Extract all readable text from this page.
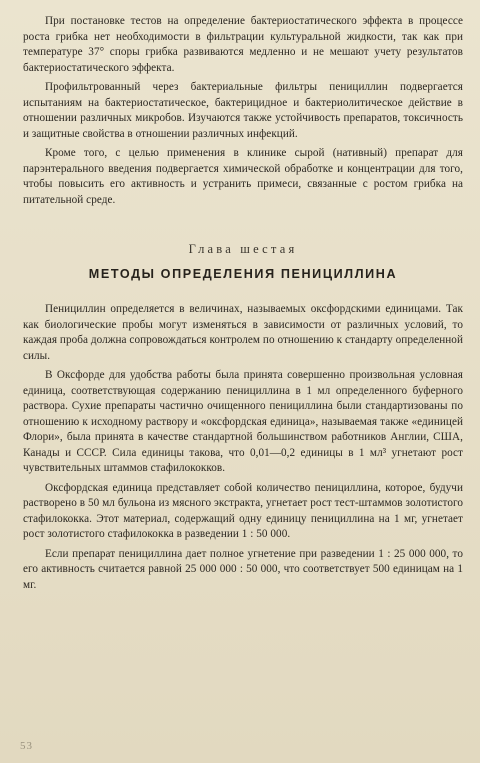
При постановке тестов на определение бактериостатического эффекта в процессе роста грибка нет необходимости в фильтрации культуральной жидкости, так как при температуре 37° споры грибка развиваются медленно и не мешают учету результатов бактериостатического эффекта.

Профильтрованный через бактериальные фильтры пенициллин подвергается испытаниям на бактериостатическое, бактерицидное и бактериолитическое действие в отношении различных микробов. Изучаются также устойчивость препаратов, токсичность и защитные свойства в отношении различных инфекций.

Кроме того, с целью применения в клинике сырой (нативный) препарат для парэнтерального введения подвергается химической обработке и концентрации для того, чтобы повысить его активность и устранить примеси, связанные с ростом грибка на питательной среде.

Глава шестая
МЕТОДЫ ОПРЕДЕЛЕНИЯ ПЕНИЦИЛЛИНА

Пенициллин определяется в величинах, называемых оксфордскими единицами. Так как биологические пробы могут изменяться в зависимости от различных условий, то каждая проба должна сопровождаться контролем по отношению к стандарту определенной силы.

В Оксфорде для удобства работы была принята совершенно произвольная условная единица, соответствующая содержанию пенициллина в 1 мл определенного буферного раствора. Сухие препараты частично очищенного пенициллина были стандартизованы по отношению к исходному раствору и «оксфордская единица», называемая также «единицей Флори», была принята в качестве стандартной большинством работников Англии, США, Канады и СССР. Сила единицы такова, что 0,01—0,2 единицы в 1 мл³ угнетают рост чувствительных штаммов стафилококков.

Оксфордская единица представляет собой количество пенициллина, которое, будучи растворено в 50 мл бульона из мясного экстракта, угнетает рост тест-штаммов золотистого стафилококка. Этот материал, содержащий одну единицу пенициллина на 1 мг, угнетает рост золотистого стафилококка в разведении 1 : 50 000.

Если препарат пенициллина дает полное угнетение при разведении 1 : 25 000 000, то его активность считается равной 25 000 000 : 50 000, что соответствует 500 единицам на 1 мг.

53
